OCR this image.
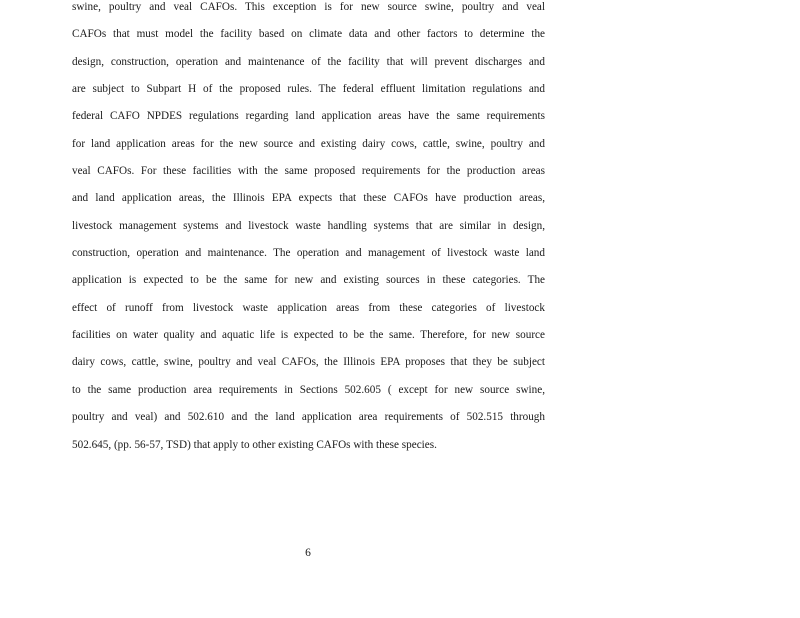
swine, poultry and veal CAFOs. This exception is for new source swine, poultry and veal
CAFOs that must model the facility based on climate data and other factors to determine the
design, construction, operation and maintenance of the facility that will prevent discharges and
are subject to Subpart H of the proposed rules. The federal effluent limitation regulations and
federal CAFO NPDES regulations regarding land application areas have the same requirements
for land application areas for the new source and existing dairy cows, cattle, swine, poultry and
veal CAFOs. For these facilities with the same proposed requirements for the production areas
and land application areas, the Illinois EPA expects that these CAFOs have production areas,
livestock management systems and livestock waste handling systems that are similar in design,
construction, operation and maintenance. The operation and management of livestock waste land
application is expected to be the same for new and existing sources in these categories. The
effect of runoff from livestock waste application areas from these categories of livestock
facilities on water quality and aquatic life is expected to be the same. Therefore, for new source
dairy cows, cattle, swine, poultry and veal CAFOs, the Illinois EPA proposes that they be subject
to the same production area requirements in Sections 502.605 ( except for new source swine,
poultry and veal) and 502.610 and the land application area requirements of 502.515 through
502.645, (pp. 56-57, TSD) that apply to other existing CAFOs with these species.
6
